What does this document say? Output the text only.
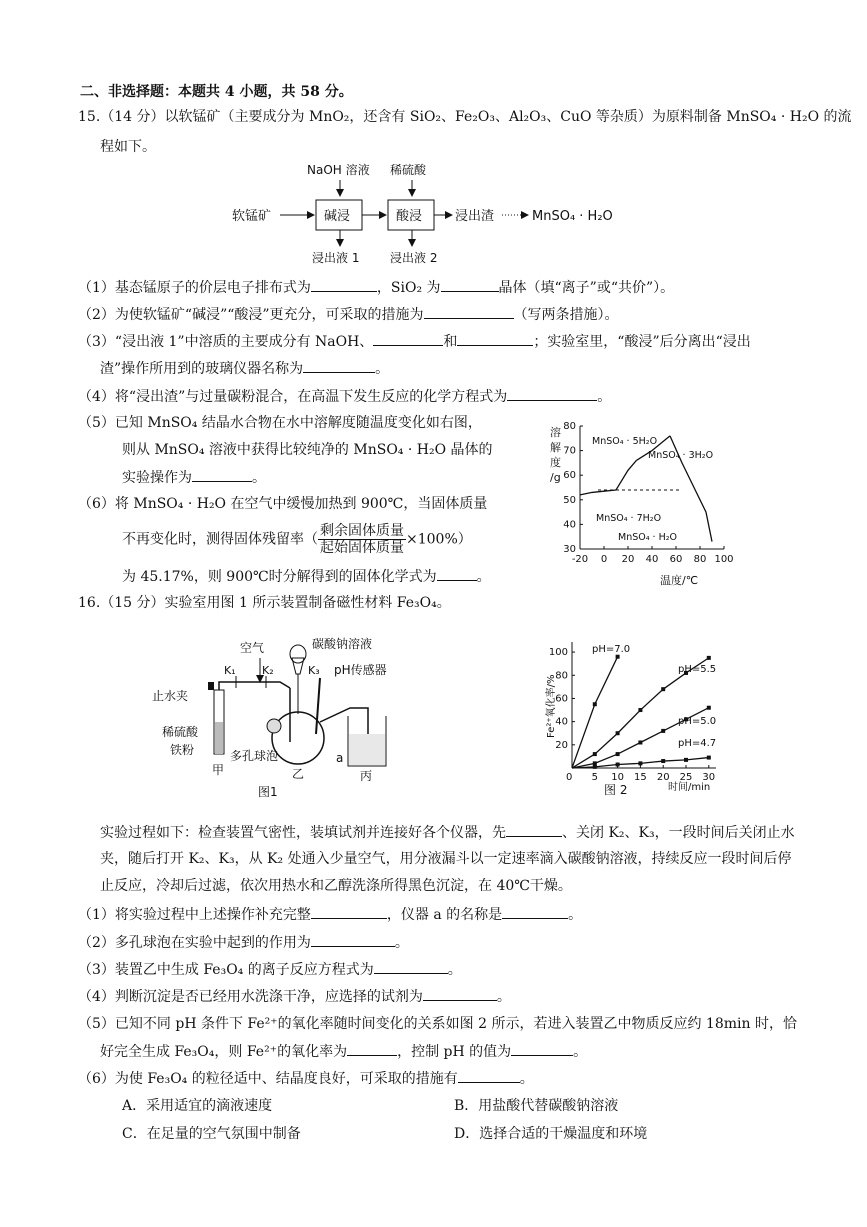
二、非选择题：本题共 4 小题，共 58 分。
15.（14 分）以软锰矿（主要成分为 MnO₂，还含有 SiO₂、Fe₂O₃、Al₂O₃、CuO 等杂质）为原料制备 MnSO₄ · H₂O 的流
程如下。
NaOH 溶液 稀硫酸
软锰矿	碱浸	酸浸	浸出渣	MnSO₄ · H₂O
浸出液 1	浸出液 2
（1）基态锰原子的价层电子排布式为	，SiO₂ 为	晶体（填“离子”或“共价”）。
（2）为使软锰矿“碱浸”“酸浸”更充分，可采取的措施为	（写两条措施）。
（3）“浸出液 1”中溶质的主要成分有 NaOH、	和	；实验室里，“酸浸”后分离出“浸出
渣”操作所用到的玻璃仪器名称为	。
（4）将“浸出渣”与过量碳粉混合，在高温下发生反应的化学方程式为	。
（5）已知 MnSO₄ 结晶水合物在水中溶解度随温度变化如右图，
则从 MnSO₄ 溶液中获得比较纯净的 MnSO₄ · H₂O 晶体的
实验操作为	。
（6）将 MnSO₄ · H₂O 在空气中缓慢加热到 900℃，当固体质量
不再变化时，测得固体残留率（ $\frac{\text{剩余固体质量}}{\text{起始固体质量}} \times 100\%$）
为 45.17%，则 900℃时分解得到的固体化学式为	。
溶
解
度
/g
30
40
50
60
70
80
-20 0 20 40 60 80 100
温度/℃
MnSO₄ · 5H₂O
MnSO₄ · 3H₂O
MnSO₄ · 7H₂O
MnSO₄ · H₂O
16.（15 分）实验室用图 1 所示装置制备磁性材料 Fe₃O₄。
空气
K₁ K₂	K₃
碳酸钠溶液
pH传感器
止水夹
稀硫酸
铁粉	多孔球泡	a
甲	乙	丙
图1
Fe²⁺氧化率/%
20
40
60
80
100
5 10 15 20 25 30
0
时间/min
pH=7.0
pH=5.5
pH=5.0
pH=4.7
图 2
实验过程如下：检查装置气密性，装填试剂并连接好各个仪器，先	、关闭 K₂、K₃，一段时间后关闭止水
夹，随后打开 K₂、K₃，从 K₂ 处通入少量空气，用分液漏斗以一定速率滴入碳酸钠溶液，持续反应一段时间后停
止反应，冷却后过滤，依次用热水和乙醇洗涤所得黑色沉淀，在 40℃干燥。
（1）将实验过程中上述操作补充完整	，仪器 a 的名称是	。
（2）多孔球泡在实验中起到的作用为	。
（3）装置乙中生成 Fe₃O₄ 的离子反应方程式为	。
（4）判断沉淀是否已经用水洗涤干净，应选择的试剂为	。
（5）已知不同 pH 条件下 Fe²⁺的氧化率随时间变化的关系如图 2 所示，若进入装置乙中物质反应约 18min 时，恰
好完全生成 Fe₃O₄，则 Fe²⁺的氧化率为	，控制 pH 的值为	。
（6）为使 Fe₃O₄ 的粒径适中、结晶度良好，可采取的措施有	。
A．采用适宜的滴液速度	B．用盐酸代替碳酸钠溶液
C．在足量的空气氛围中制备	D．选择合适的干燥温度和环境
